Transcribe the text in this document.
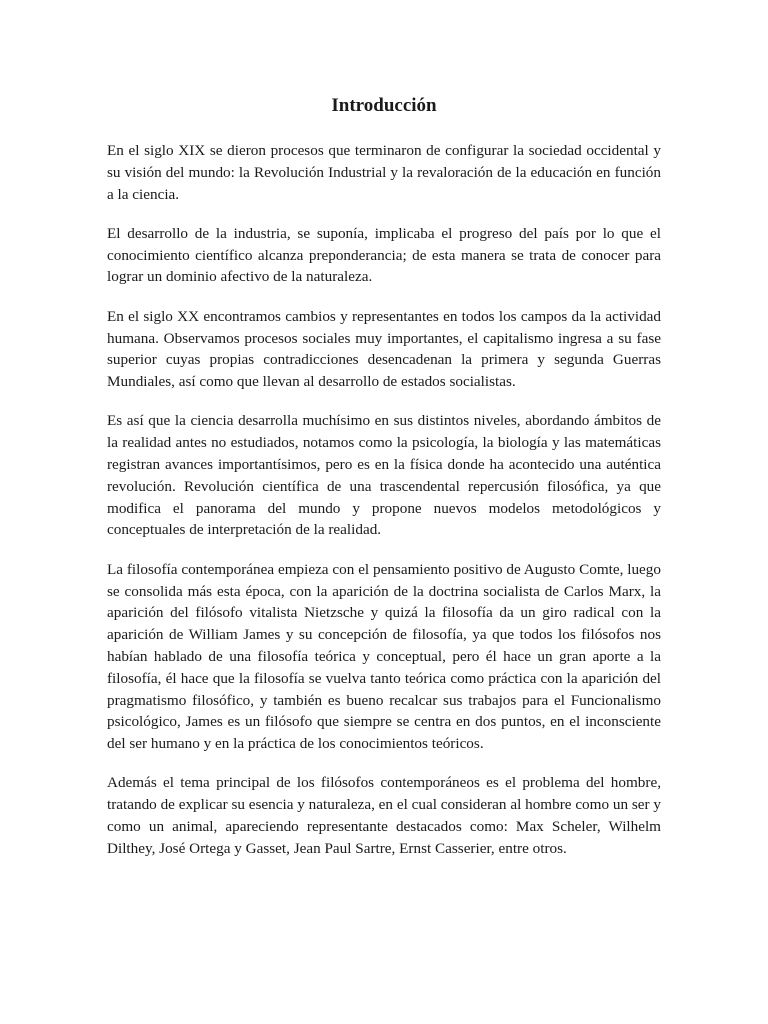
Introducción

En el siglo XIX se dieron procesos que terminaron de configurar la sociedad occidental y su visión del mundo: la Revolución Industrial y la revaloración de la educación en función a la ciencia.

El desarrollo de la industria, se suponía, implicaba el progreso del país por lo que el conocimiento científico alcanza preponderancia; de esta manera se trata de conocer para lograr un dominio afectivo de la naturaleza.

En el siglo XX encontramos cambios y representantes en todos los campos da la actividad humana. Observamos procesos sociales muy importantes, el capitalismo ingresa a su fase superior cuyas propias contradicciones desencadenan la primera y segunda Guerras Mundiales, así como que llevan al desarrollo de estados socialistas.

Es así que la ciencia desarrolla muchísimo en sus distintos niveles, abordando ámbitos de la realidad antes no estudiados, notamos como la psicología, la biología y las matemáticas registran avances importantísimos, pero es en la física donde ha acontecido una auténtica revolución. Revolución científica de una trascendental repercusión filosófica, ya que modifica el panorama del mundo y propone nuevos modelos metodológicos y conceptuales de interpretación de la realidad.

La filosofía contemporánea empieza con el pensamiento positivo de Augusto Comte, luego se consolida más esta época, con la aparición de la doctrina socialista de Carlos Marx, la aparición del filósofo vitalista Nietzsche y quizá la filosofía da un giro radical con la aparición de William James y su concepción de filosofía, ya que todos los filósofos nos habían hablado de una filosofía teórica y conceptual, pero él hace un gran aporte a la filosofía, él hace que la filosofía se vuelva tanto teórica como práctica con la aparición del pragmatismo filosófico, y también es bueno recalcar sus trabajos para el Funcionalismo psicológico, James es un filósofo que siempre se centra en dos puntos, en el inconsciente del ser humano y en la práctica de los conocimientos teóricos.

Además el tema principal de los filósofos contemporáneos es el problema del hombre, tratando de explicar su esencia y naturaleza, en el cual consideran al hombre como un ser y como un animal, apareciendo representante destacados como: Max Scheler, Wilhelm Dilthey, José Ortega y Gasset, Jean Paul Sartre, Ernst Casserier, entre otros.
